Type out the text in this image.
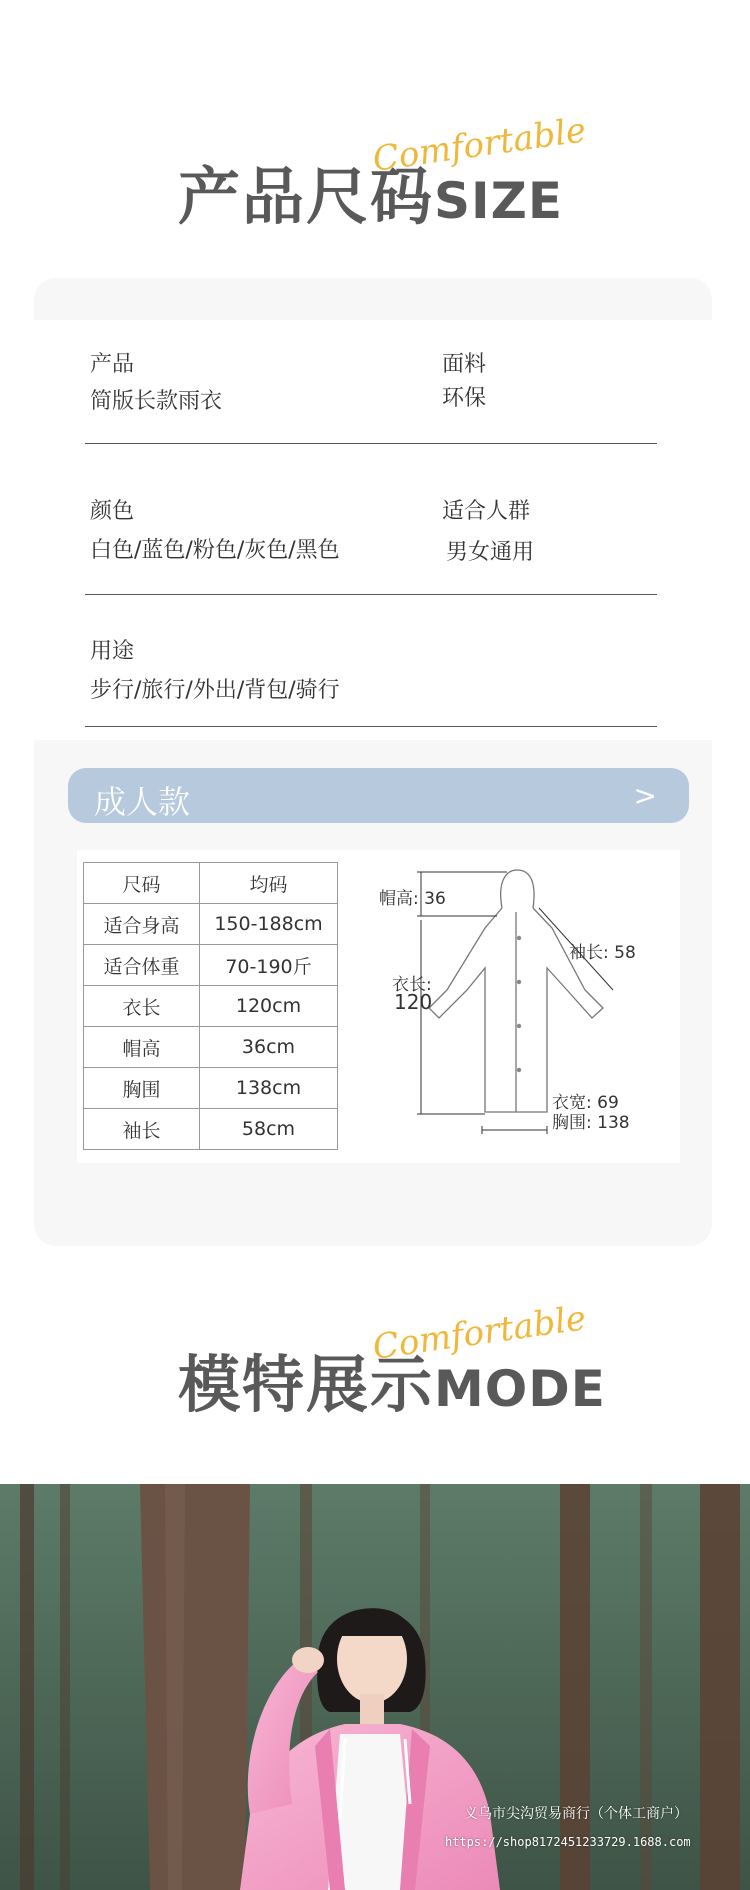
Comfortable
产品尺码 SIZE
产品
简版长款雨衣
面料
环保
颜色
白色/蓝色/粉色/灰色/黑色
适合人群
男女通用
用途
步行/旅行/外出/背包/骑行
成人款	>
尺码	均码
适合身高	150-188cm
适合体重	70-190斤
衣长	120cm
帽高	36cm
胸围	138cm
袖长	58cm
帽高: 36
衣长:
120
袖长: 58
衣宽: 69
胸围: 138
Comfortable
模特展示 MODE
义乌市尖沟贸易商行（个体工商户）
https://shop8172451233729.1688.com
